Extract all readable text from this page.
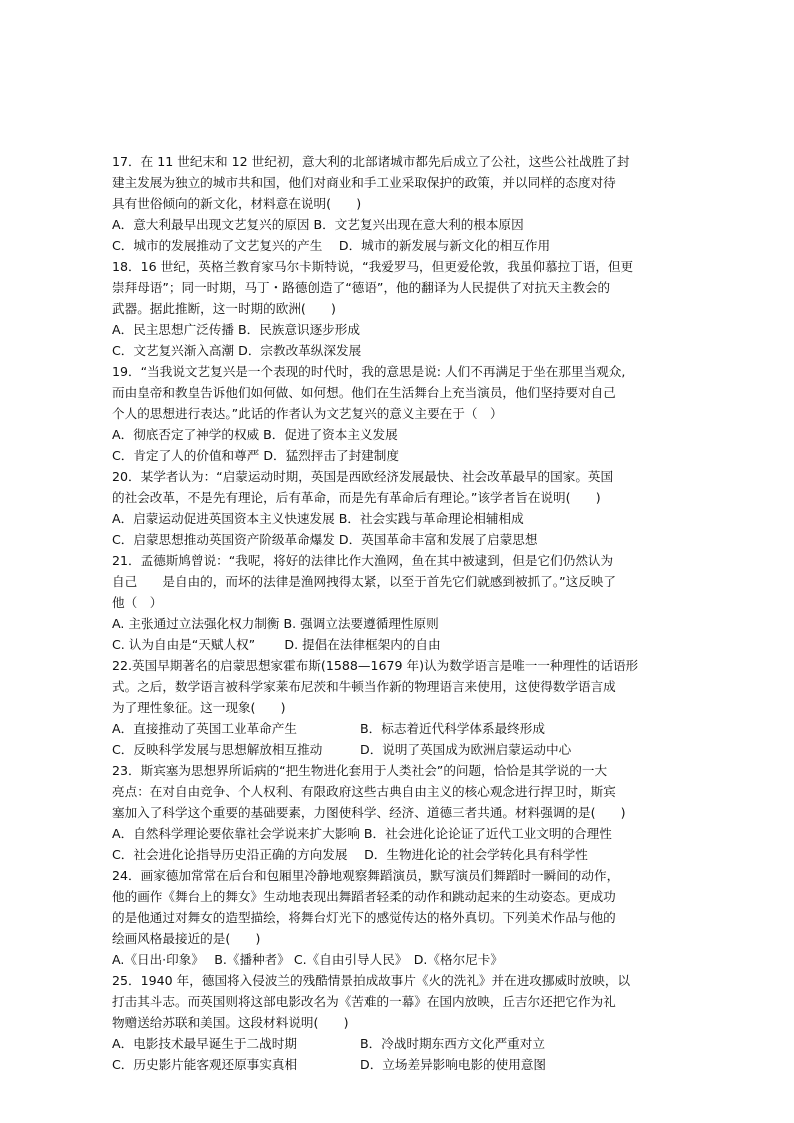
17．在 11 世纪末和 12 世纪初，意大利的北部诸城市都先后成立了公社，这些公社战胜了封
建主发展为独立的城市共和国，他们对商业和手工业采取保护的政策，并以同样的态度对待
具有世俗倾向的新文化，材料意在说明(　　)
A．意大利最早出现文艺复兴的原因 B．文艺复兴出现在意大利的根本原因
C．城市的发展推动了文艺复兴的产生　 D．城市的新发展与新文化的相互作用
18．16 世纪，英格兰教育家马尔卡斯特说，“我爱罗马，但更爱伦敦，我虽仰慕拉丁语，但更
崇拜母语”；同一时期，马丁・路德创造了“德语”，他的翻译为人民提供了对抗天主教会的
武器。据此推断，这一时期的欧洲(　　)
A．民主思想广泛传播 B．民族意识逐步形成
C．文艺复兴渐入高潮 D．宗教改革纵深发展
19．“当我说文艺复兴是一个表现的时代时，我的意思是说: 人们不再满足于坐在那里当观众,
而由皇帝和教皇告诉他们如何做、如何想。他们在生活舞台上充当演员，他们坚持要对自己
个人的思想进行表达。”此话的作者认为文艺复兴的意义主要在于（　）
A．彻底否定了神学的权威 B．促进了资本主义发展
C．肯定了人的价值和尊严 D．猛烈抨击了封建制度
20．某学者认为：“启蒙运动时期，英国是西欧经济发展最快、社会改革最早的国家。英国
的社会改革，不是先有理论，后有革命，而是先有革命后有理论。”该学者旨在说明(　　)
A．启蒙运动促进英国资本主义快速发展 B．社会实践与革命理论相辅相成
C．启蒙思想推动英国资产阶级革命爆发 D．英国革命丰富和发展了启蒙思想
21．孟德斯鸠曾说：“我呢，将好的法律比作大渔网，鱼在其中被逮到，但是它们仍然认为
自己　　是自由的，而坏的法律是渔网拽得太紧，以至于首先它们就感到被抓了。”这反映了
他（　）
A. 主张通过立法强化权力制衡 B. 强调立法要遵循理性原则
C. 认为自由是“天赋人权”　　 D. 提倡在法律框架内的自由
22.英国早期著名的启蒙思想家霍布斯(1588—1679 年)认为数学语言是唯一一种理性的话语形
式。之后，数学语言被科学家莱布尼茨和牛顿当作新的物理语言来使用，这使得数学语言成
为了理性象征。这一现象(　　)
A．直接推动了英国工业革命产生	B．标志着近代科学体系最终形成
C．反映科学发展与思想解放相互推动	D．说明了英国成为欧洲启蒙运动中心
23．斯宾塞为思想界所诟病的“把生物进化套用于人类社会”的问题，恰恰是其学说的一大
亮点：在对自由竞争、个人权利、有限政府这些古典自由主义的核心观念进行捍卫时，斯宾
塞加入了科学这个重要的基础要素，力图使科学、经济、道德三者共通。材料强调的是(　　)
A．自然科学理论要依靠社会学说来扩大影响 B．社会进化论论证了近代工业文明的合理性
C．社会进化论指导历史沿正确的方向发展　 D．生物进化论的社会学转化具有科学性
24．画家德加常常在后台和包厢里冷静地观察舞蹈演员，默写演员们舞蹈时一瞬间的动作，
他的画作《舞台上的舞女》生动地表现出舞蹈者轻柔的动作和跳动起来的生动姿态。更成功
的是他通过对舞女的造型描绘，将舞台灯光下的感觉传达的格外真切。下列美术作品与他的
绘画风格最接近的是(　　)
A.《日出·印象》　 B.《播种者》 C.《自由引导人民》　D.《格尔尼卡》
25．1940 年，德国将入侵波兰的残酷情景拍成故事片《火的洗礼》并在进攻挪威时放映，以
打击其斗志。而英国则将这部电影改名为《苦难的一幕》在国内放映，丘吉尔还把它作为礼
物赠送给苏联和美国。这段材料说明(　　)
A．电影技术最早诞生于二战时期	B．冷战时期东西方文化严重对立
C．历史影片能客观还原事实真相	D．立场差异影响电影的使用意图
